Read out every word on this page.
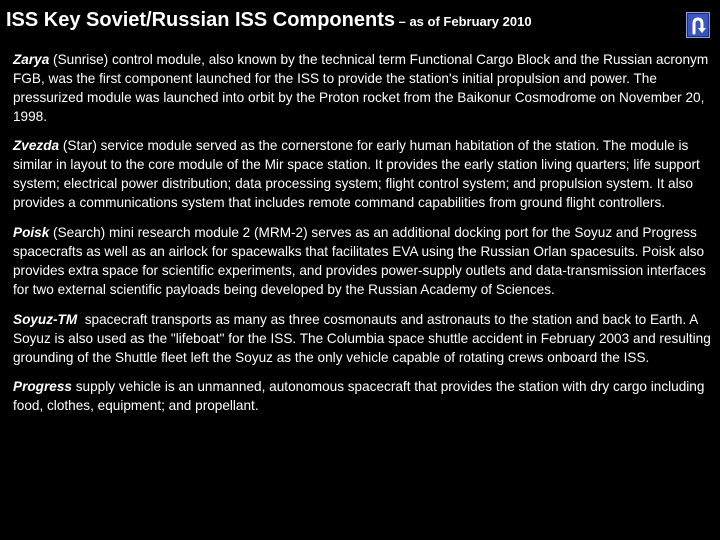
ISS Key Soviet/Russian ISS Components – as of February 2010

Zarya (Sunrise) control module, also known by the technical term Functional Cargo Block and the Russian acronym FGB, was the first component launched for the ISS to provide the station's initial propulsion and power. The pressurized module was launched into orbit by the Proton rocket from the Baikonur Cosmodrome on November 20, 1998.

Zvezda (Star) service module served as the cornerstone for early human habitation of the station. The module is similar in layout to the core module of the Mir space station. It provides the early station living quarters; life support system; electrical power distribution; data processing system; flight control system; and propulsion system. It also provides a communications system that includes remote command capabilities from ground flight controllers.

Poisk (Search) mini research module 2 (MRM-2) serves as an additional docking port for the Soyuz and Progress spacecrafts as well as an airlock for spacewalks that facilitates EVA using the Russian Orlan spacesuits. Poisk also provides extra space for scientific experiments, and provides power-supply outlets and data-transmission interfaces for two external scientific payloads being developed by the Russian Academy of Sciences.

Soyuz-TM  spacecraft transports as many as three cosmonauts and astronauts to the station and back to Earth. A Soyuz is also used as the "lifeboat" for the ISS. The Columbia space shuttle accident in February 2003 and resulting grounding of the Shuttle fleet left the Soyuz as the only vehicle capable of rotating crews onboard the ISS.

Progress supply vehicle is an unmanned, autonomous spacecraft that provides the station with dry cargo including food, clothes, equipment; and propellant.
